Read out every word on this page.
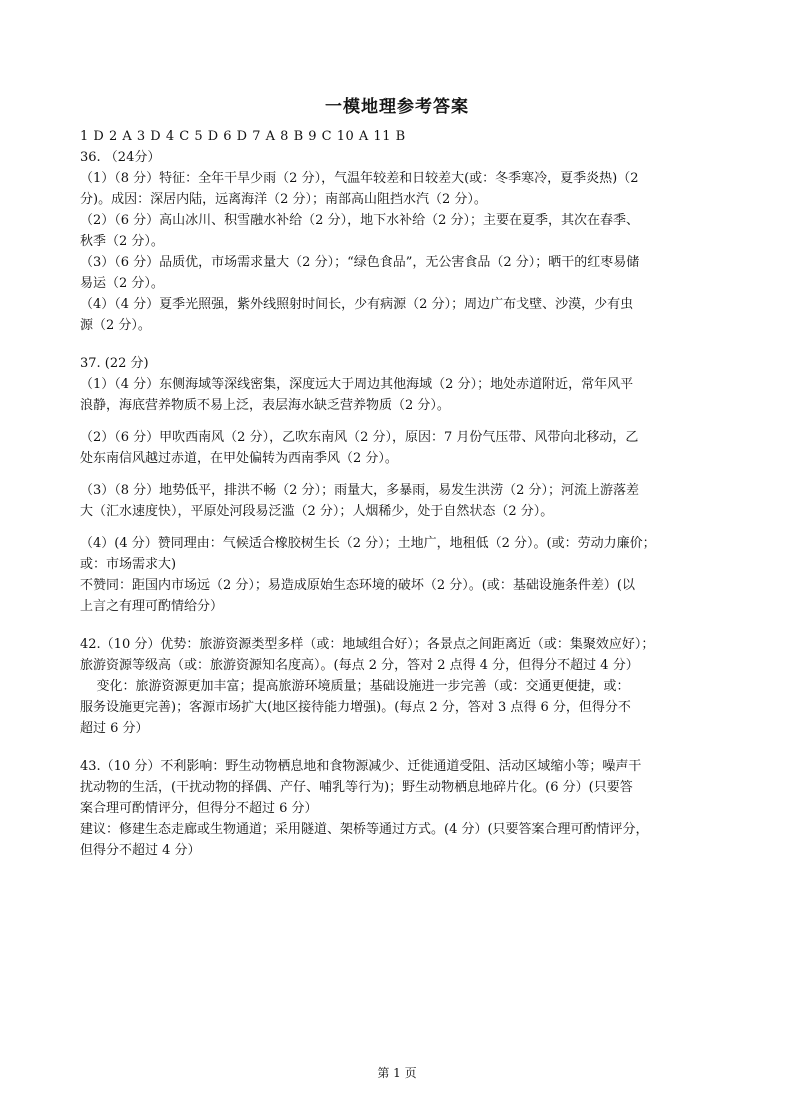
一模地理参考答案
1 D 2 A 3 D 4 C 5 D 6 D 7 A 8 B 9 C 10 A 11 B
36. （24分）
（1）（8 分）特征：全年干旱少雨（2 分），气温年较差和日较差大(或：冬季寒冷，夏季炎热)（2
分)。成因：深居内陆，远离海洋（2 分）；南部高山阻挡水汽（2 分）。
（2）（6 分）高山冰川、积雪融水补给（2 分），地下水补给（2 分）；主要在夏季，其次在春季、
秋季（2 分）。
（3）（6 分）品质优，市场需求量大（2 分）；“绿色食品”，无公害食品（2 分）；晒干的红枣易储
易运（2 分）。
（4）（4 分）夏季光照强，紫外线照射时间长，少有病源（2 分）；周边广布戈壁、沙漠，少有虫
源（2 分）。
37. (22 分)
（1）（4 分）东侧海域等深线密集，深度远大于周边其他海域（2 分）；地处赤道附近，常年风平
浪静，海底营养物质不易上泛，表层海水缺乏营养物质（2 分）。
（2）（6 分）甲吹西南风（2 分），乙吹东南风（2 分），原因：7 月份气压带、风带向北移动，乙
处东南信风越过赤道，在甲处偏转为西南季风（2 分）。
（3）（8 分）地势低平，排洪不畅（2 分）；雨量大，多暴雨，易发生洪涝（2 分）；河流上游落差
大（汇水速度快），平原处河段易泛滥（2 分）；人烟稀少，处于自然状态（2 分）。
（4）(4 分）赞同理由：气候适合橡胶树生长（2 分）；土地广，地租低（2 分）。(或：劳动力廉价；
或：市场需求大)
不赞同：距国内市场远（2 分）；易造成原始生态环境的破坏（2 分）。(或：基础设施条件差）(以
上言之有理可酌情给分）
42.（10 分）优势：旅游资源类型多样（或：地域组合好）；各景点之间距离近（或：集聚效应好）；
旅游资源等级高（或：旅游资源知名度高）。(每点 2 分，答对 2 点得 4 分，但得分不超过 4 分）
变化：旅游资源更加丰富；提高旅游环境质量；基础设施进一步完善（或：交通更便捷，或：
服务设施更完善)；客源市场扩大(地区接待能力增强)。(每点 2 分，答对 3 点得 6 分，但得分不
超过 6 分）
43.（10 分）不利影响：野生动物栖息地和食物源减少、迁徙通道受阻、活动区域缩小等；噪声干
扰动物的生活，(干扰动物的择偶、产仔、哺乳等行为)；野生动物栖息地碎片化。(6 分）(只要答
案合理可酌情评分，但得分不超过 6 分）
建议：修建生态走廊或生物通道；采用隧道、架桥等通过方式。(4 分）(只要答案合理可酌情评分，
但得分不超过 4 分）
第 1 页
